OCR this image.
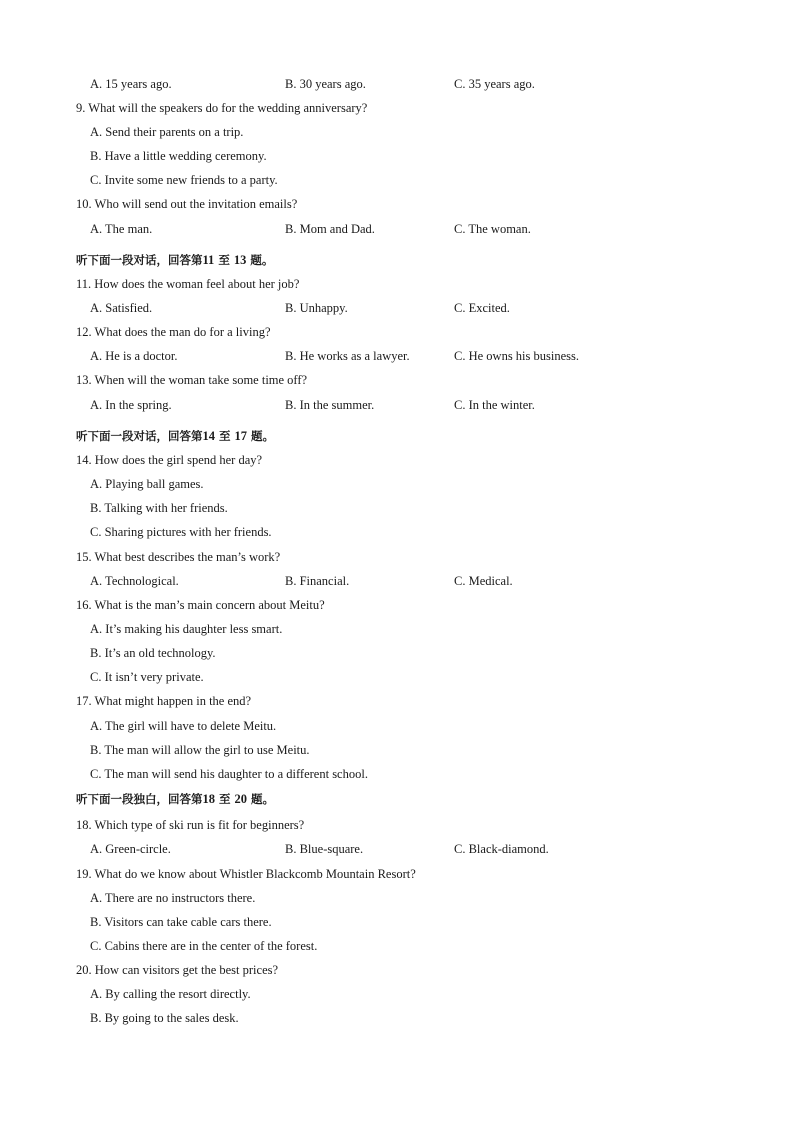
A. 15 years ago.	B. 30 years ago.	C. 35 years ago.
9. What will the speakers do for the wedding anniversary?
A. Send their parents on a trip.
B. Have a little wedding ceremony.
C. Invite some new friends to a party.
10. Who will send out the invitation emails?
A. The man.	B. Mom and Dad.	C. The woman.
听下面一段对话，回答第11 至 13 题。
11. How does the woman feel about her job?
A. Satisfied.	B. Unhappy.	C. Excited.
12. What does the man do for a living?
A. He is a doctor.	B. He works as a lawyer.	C. He owns his business.
13. When will the woman take some time off?
A. In the spring.	B. In the summer.	C. In the winter.
听下面一段对话，回答第14 至 17 题。
14. How does the girl spend her day?
A. Playing ball games.
B. Talking with her friends.
C. Sharing pictures with her friends.
15. What best describes the man’s work?
A. Technological.	B. Financial.	C. Medical.
16. What is the man’s main concern about Meitu?
A. It’s making his daughter less smart.
B. It’s an old technology.
C. It isn’t very private.
17. What might happen in the end?
A. The girl will have to delete Meitu.
B. The man will allow the girl to use Meitu.
C. The man will send his daughter to a different school.
听下面一段独白，回答第18 至 20 题。
18. Which type of ski run is fit for beginners?
A. Green-circle.	B. Blue-square.	C. Black-diamond.
19. What do we know about Whistler Blackcomb Mountain Resort?
A. There are no instructors there.
B. Visitors can take cable cars there.
C. Cabins there are in the center of the forest.
20. How can visitors get the best prices?
A. By calling the resort directly.
B. By going to the sales desk.
